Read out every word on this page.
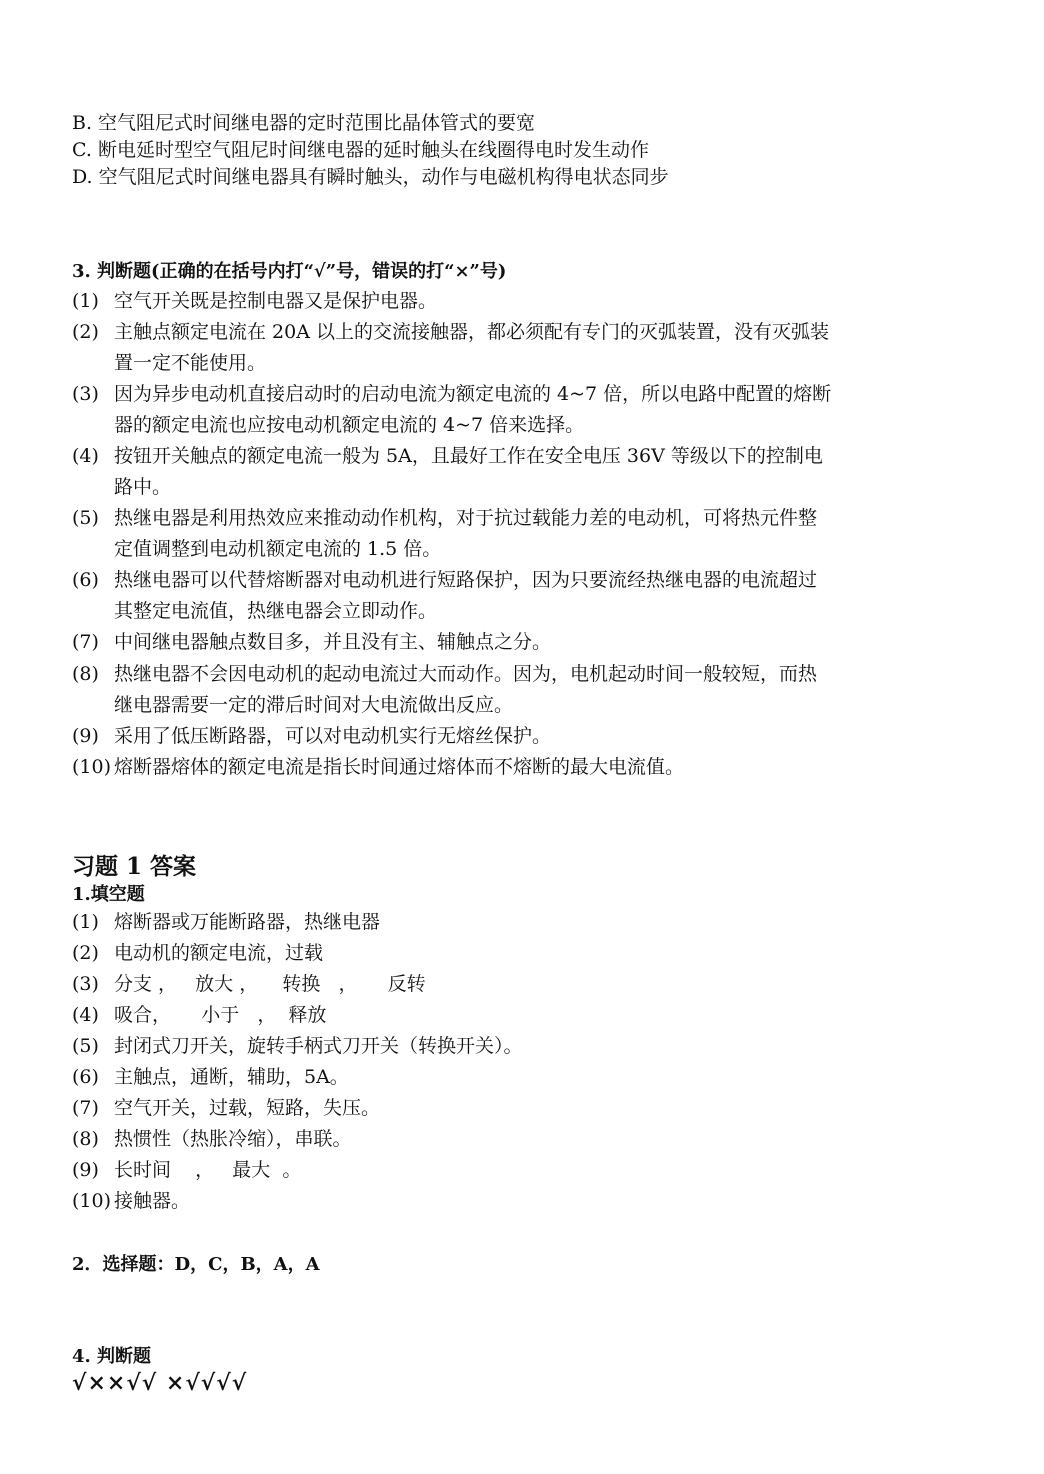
B. 空气阻尼式时间继电器的定时范围比晶体管式的要宽
C. 断电延时型空气阻尼时间继电器的延时触头在线圈得电时发生动作
D. 空气阻尼式时间继电器具有瞬时触头，动作与电磁机构得电状态同步
3. 判断题(正确的在括号内打“√”号，错误的打“×”号)
(1) 空气开关既是控制电器又是保护电器。
(2) 主触点额定电流在 20A 以上的交流接触器，都必须配有专门的灭弧装置，没有灭弧装置一定不能使用。
(3) 因为异步电动机直接启动时的启动电流为额定电流的 4~7 倍，所以电路中配置的熔断器的额定电流也应按电动机额定电流的 4~7 倍来选择。
(4) 按钮开关触点的额定电流一般为 5A，且最好工作在安全电压 36V 等级以下的控制电路中。
(5) 热继电器是利用热效应来推动动作机构，对于抗过载能力差的电动机，可将热元件整定值调整到电动机额定电流的 1.5 倍。
(6) 热继电器可以代替熔断器对电动机进行短路保护，因为只要流经热继电器的电流超过其整定电流值，热继电器会立即动作。
(7) 中间继电器触点数目多，并且没有主、辅触点之分。
(8) 热继电器不会因电动机的起动电流过大而动作。因为，电机起动时间一般较短，而热继电器需要一定的滞后时间对大电流做出反应。
(9) 采用了低压断路器，可以对电动机实行无熔丝保护。
(10) 熔断器熔体的额定电流是指长时间通过熔体而不熔断的最大电流值。
习题 1 答案
1.填空题
(1) 熔断器或万能断路器，热继电器
(2) 电动机的额定电流，过载
(3) 分支 ，   放大 ，    转换   ，     反转
(4) 吸合，     小于   ，  释放
(5) 封闭式刀开关，旋转手柄式刀开关（转换开关）。
(6) 主触点，通断，辅助，5A。
(7) 空气开关，过载，短路，失压。
(8) 热惯性（热胀冷缩），串联。
(9) 长时间    ，   最大  。
(10) 接触器。
2．选择题：D，C，B，A，A
4. 判断题
√××√√ ×√√√√
